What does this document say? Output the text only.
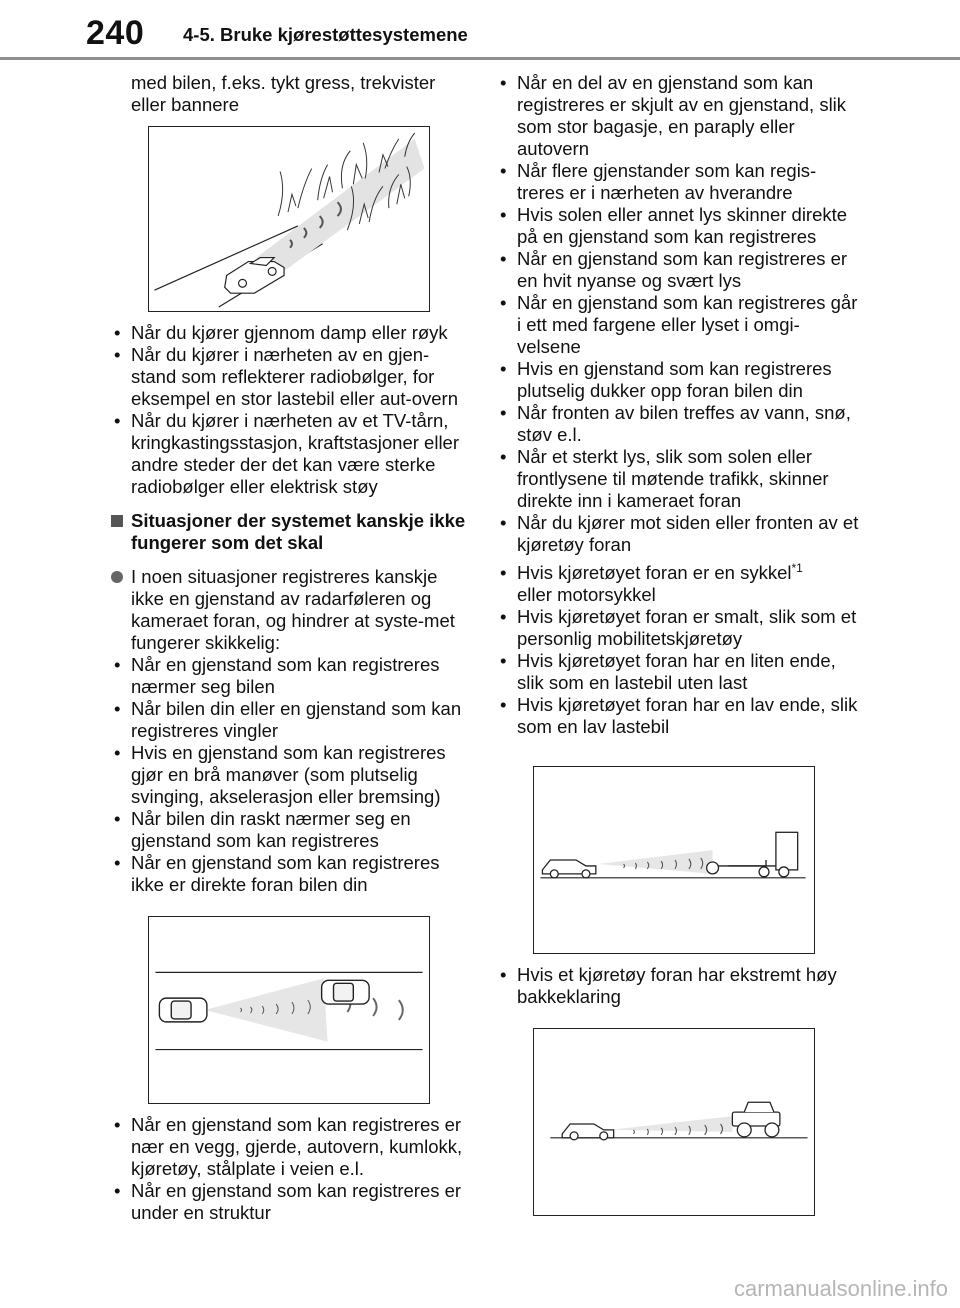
240 4-5. Bruke kjørestøttesystemene

med bilen, f.eks. tykt gress, trekvister eller bannere

• Når du kjører gjennom damp eller røyk
• Når du kjører i nærheten av en gjen-stand som reflekterer radiobølger, for eksempel en stor lastebil eller aut-overn
• Når du kjører i nærheten av et TV-tårn, kringkastingsstasjon, kraftstasjoner eller andre steder der det kan være sterke radiobølger eller elektrisk støy
Situasjoner der systemet kanskje ikke fungerer som det skal
I noen situasjoner registreres kanskje ikke en gjenstand av radarføleren og kameraet foran, og hindrer at syste-met fungerer skikkelig:
• Når en gjenstand som kan registreres nærmer seg bilen
• Når bilen din eller en gjenstand som kan registreres vingler
• Hvis en gjenstand som kan registreres gjør en brå manøver (som plutselig svinging, akselerasjon eller bremsing)
• Når bilen din raskt nærmer seg en gjenstand som kan registreres
• Når en gjenstand som kan registreres ikke er direkte foran bilen din
• Når en gjenstand som kan registreres er nær en vegg, gjerde, autovern, kumlokk, kjøretøy, stålplate i veien e.l.
• Når en gjenstand som kan registreres er under en struktur
• Når en del av en gjenstand som kan registreres er skjult av en gjenstand, slik som stor bagasje, en paraply eller autovern
• Når flere gjenstander som kan regis-treres er i nærheten av hverandre
• Hvis solen eller annet lys skinner direkte på en gjenstand som kan registreres
• Når en gjenstand som kan registreres er en hvit nyanse og svært lys
• Når en gjenstand som kan registreres går i ett med fargene eller lyset i omgi-velsene
• Hvis en gjenstand som kan registreres plutselig dukker opp foran bilen din
• Når fronten av bilen treffes av vann, snø, støv e.l.
• Når et sterkt lys, slik som solen eller frontlysene til møtende trafikk, skinner direkte inn i kameraet foran
• Når du kjører mot siden eller fronten av et kjøretøy foran
• Hvis kjøretøyet foran er en sykkel$^{*1}$
eller motorsykkel
• Hvis kjøretøyet foran er smalt, slik som et personlig mobilitetskjøretøy
• Hvis kjøretøyet foran har en liten ende, slik som en lastebil uten last
• Hvis kjøretøyet foran har en lav ende, slik som en lav lastebil
• Hvis et kjøretøy foran har ekstremt høy bakkeklaring
carmanualsonline.info
